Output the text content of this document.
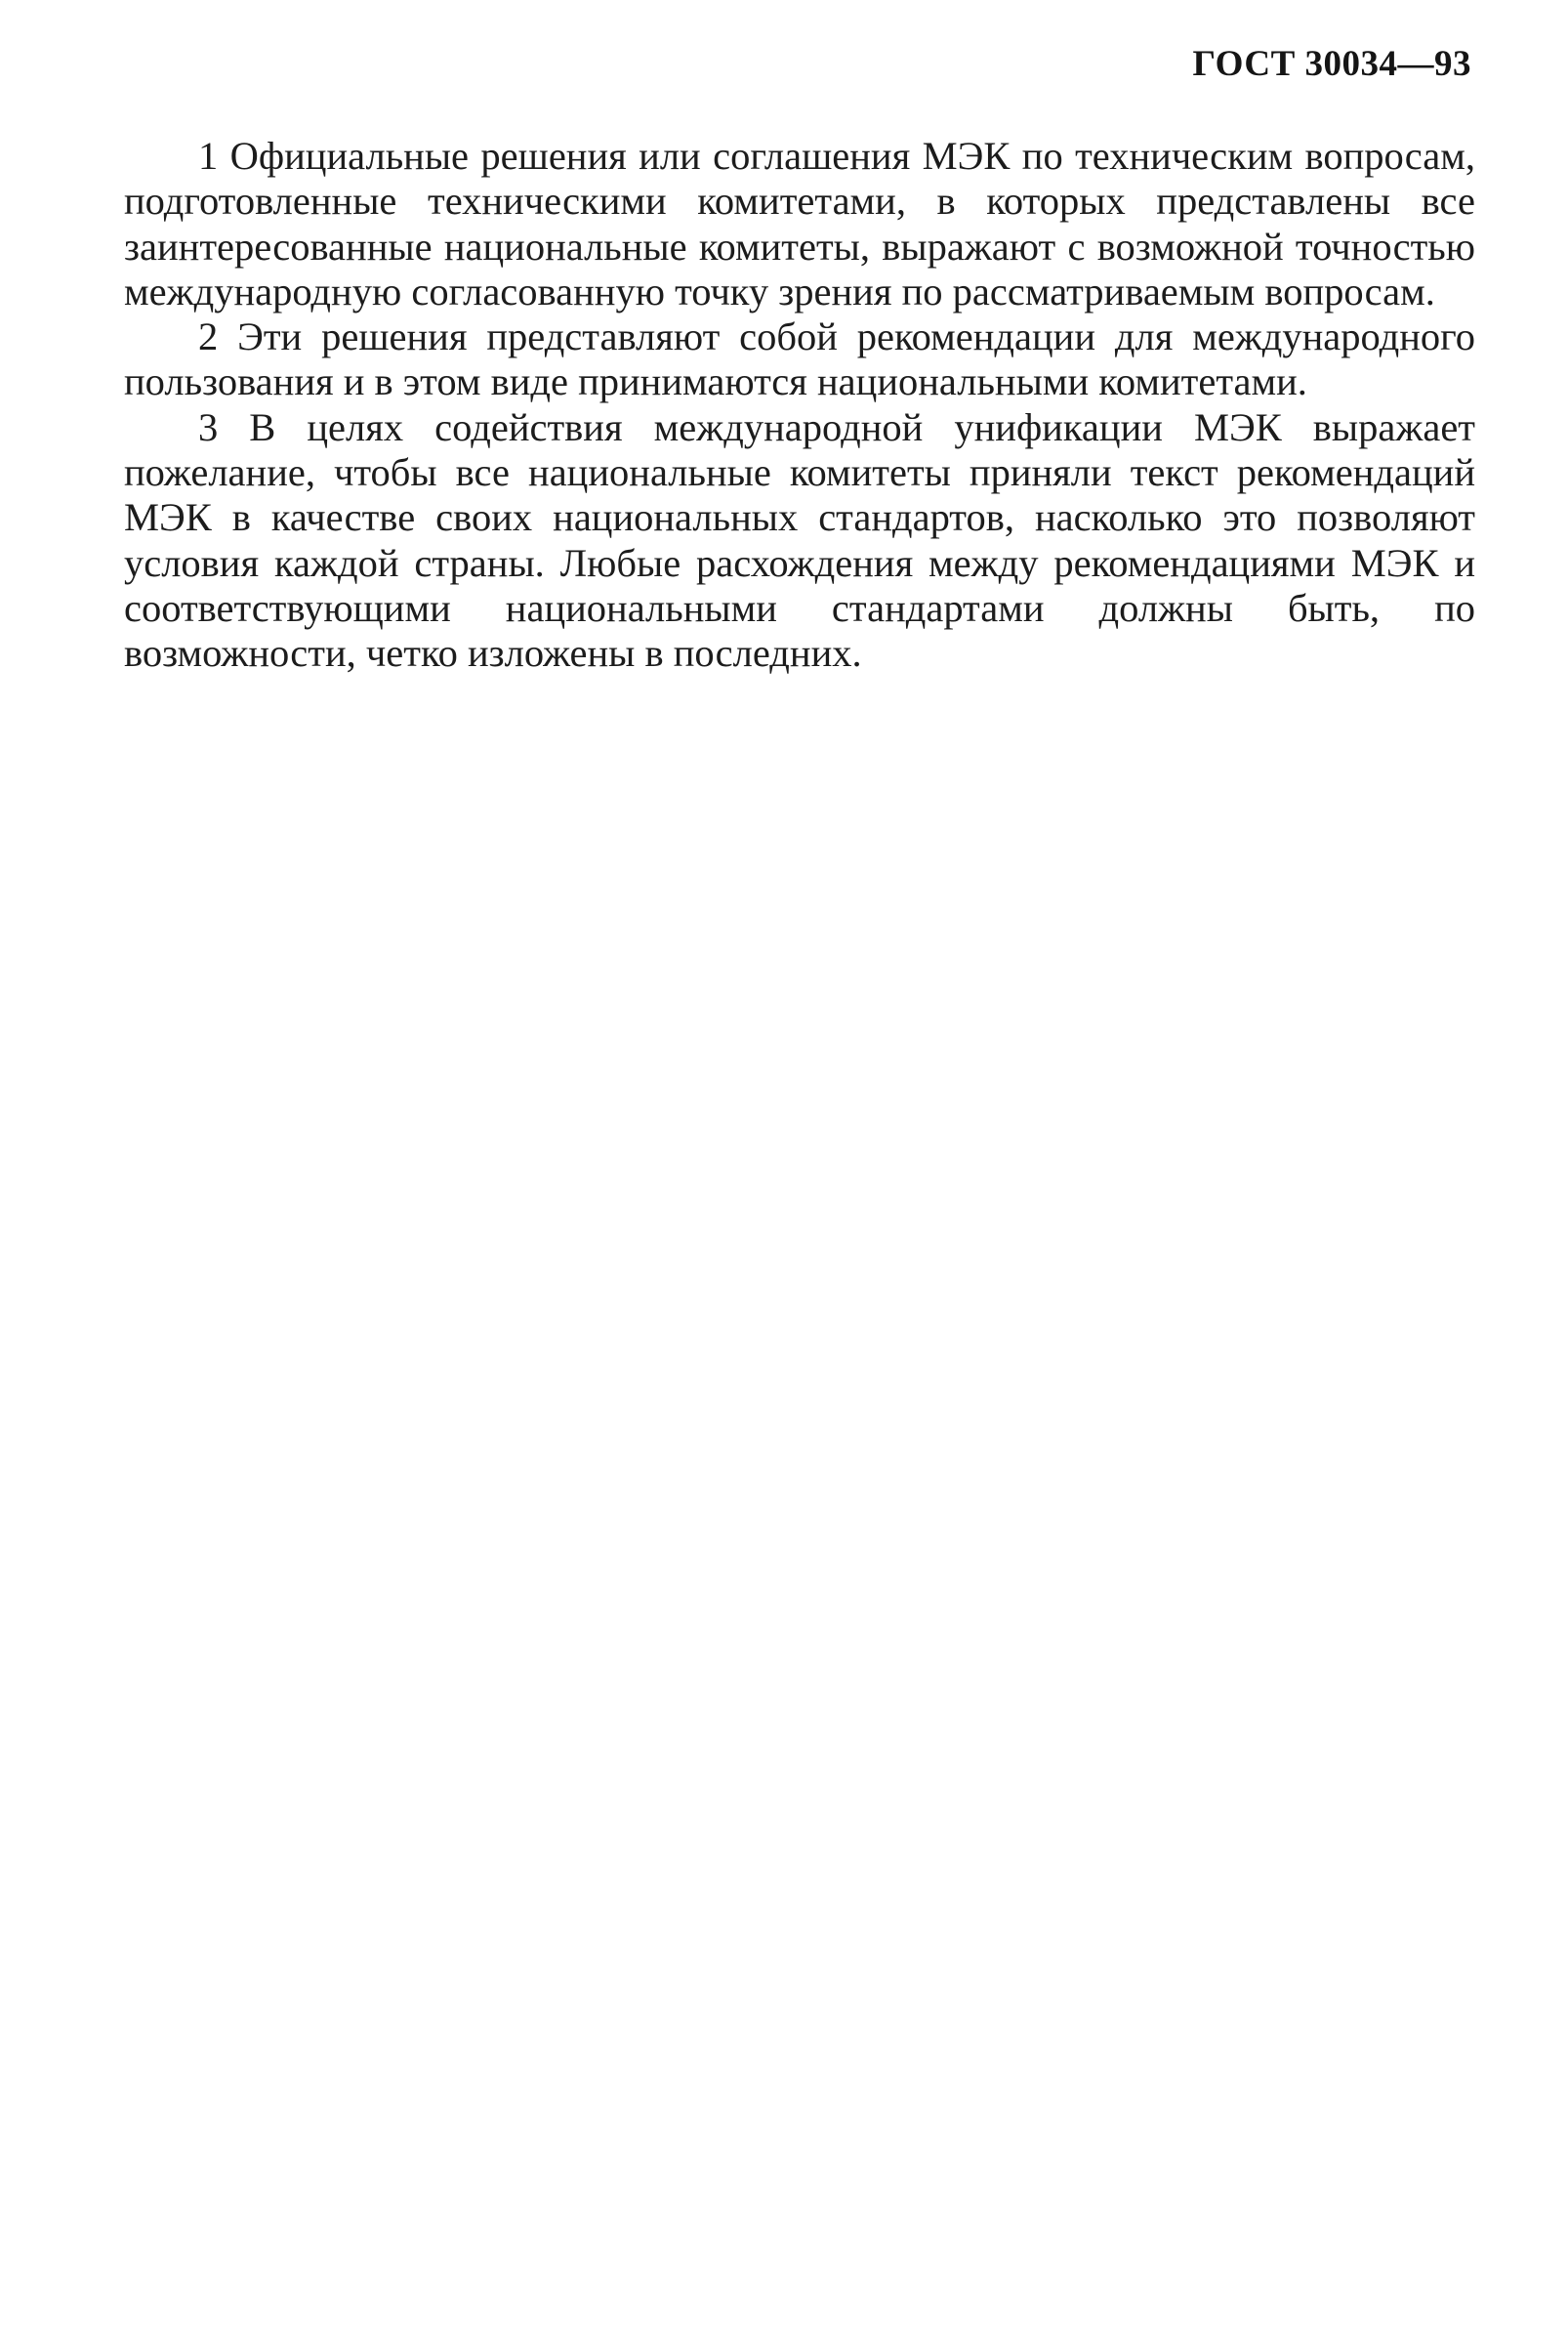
ГОСТ 30034—93

1 Официальные решения или соглашения МЭК по техническим вопросам, подготовленные техническими комитетами, в которых представлены все заинтересованные национальные комитеты, выражают с возможной точностью международную согласованную точку зрения по рассматриваемым вопросам.

2 Эти решения представляют собой рекомендации для международного пользования и в этом виде принимаются национальными комитетами.

3 В целях содействия международной унификации МЭК выражает пожелание, чтобы все национальные комитеты приняли текст рекомендаций МЭК в качестве своих национальных стандартов, насколько это позволяют условия каждой страны. Любые расхождения между рекомендациями МЭК и соответствующими национальными стандартами должны быть, по возможности, четко изложены в последних.
